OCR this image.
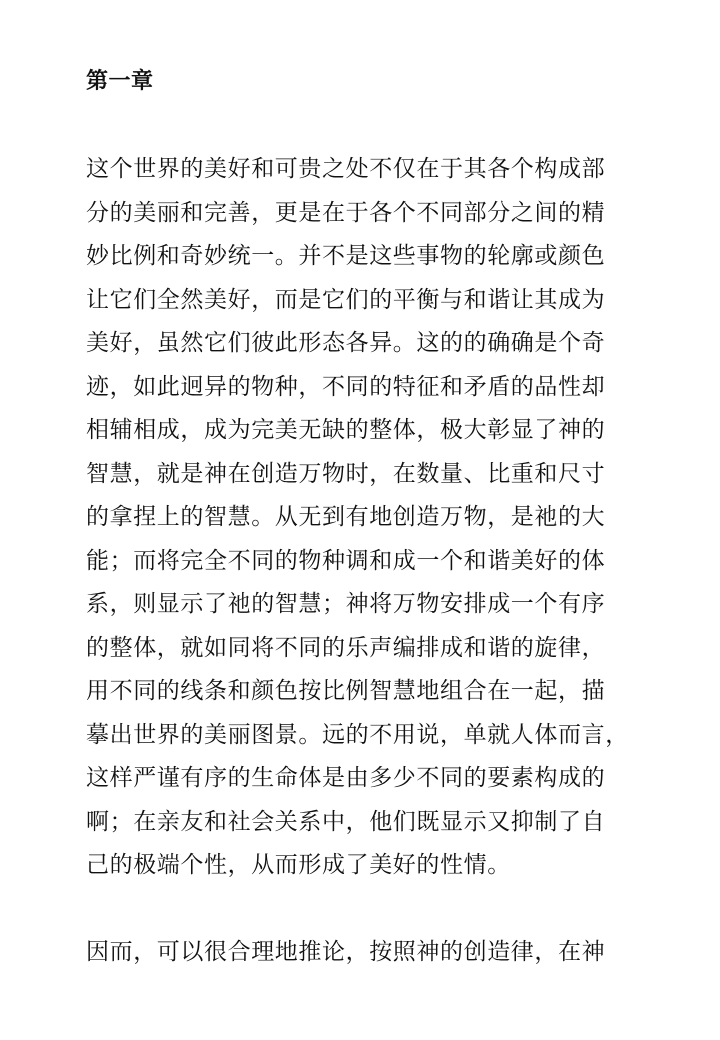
第一章
这个世界的美好和可贵之处不仅在于其各个构成部
分的美丽和完善，更是在于各个不同部分之间的精
妙比例和奇妙统一。并不是这些事物的轮廓或颜色
让它们全然美好，而是它们的平衡与和谐让其成为
美好，虽然它们彼此形态各异。这的的确确是个奇
迹，如此迥异的物种，不同的特征和矛盾的品性却
相辅相成，成为完美无缺的整体，极大彰显了神的
智慧，就是神在创造万物时，在数量、比重和尺寸
的拿捏上的智慧。从无到有地创造万物，是祂的大
能；而将完全不同的物种调和成一个和谐美好的体
系，则显示了祂的智慧；神将万物安排成一个有序
的整体，就如同将不同的乐声编排成和谐的旋律，
用不同的线条和颜色按比例智慧地组合在一起，描
摹出世界的美丽图景。远的不用说，单就人体而言，
这样严谨有序的生命体是由多少不同的要素构成的
啊；在亲友和社会关系中，他们既显示又抑制了自
己的极端个性，从而形成了美好的性情。
因而，可以很合理地推论，按照神的创造律，在神
